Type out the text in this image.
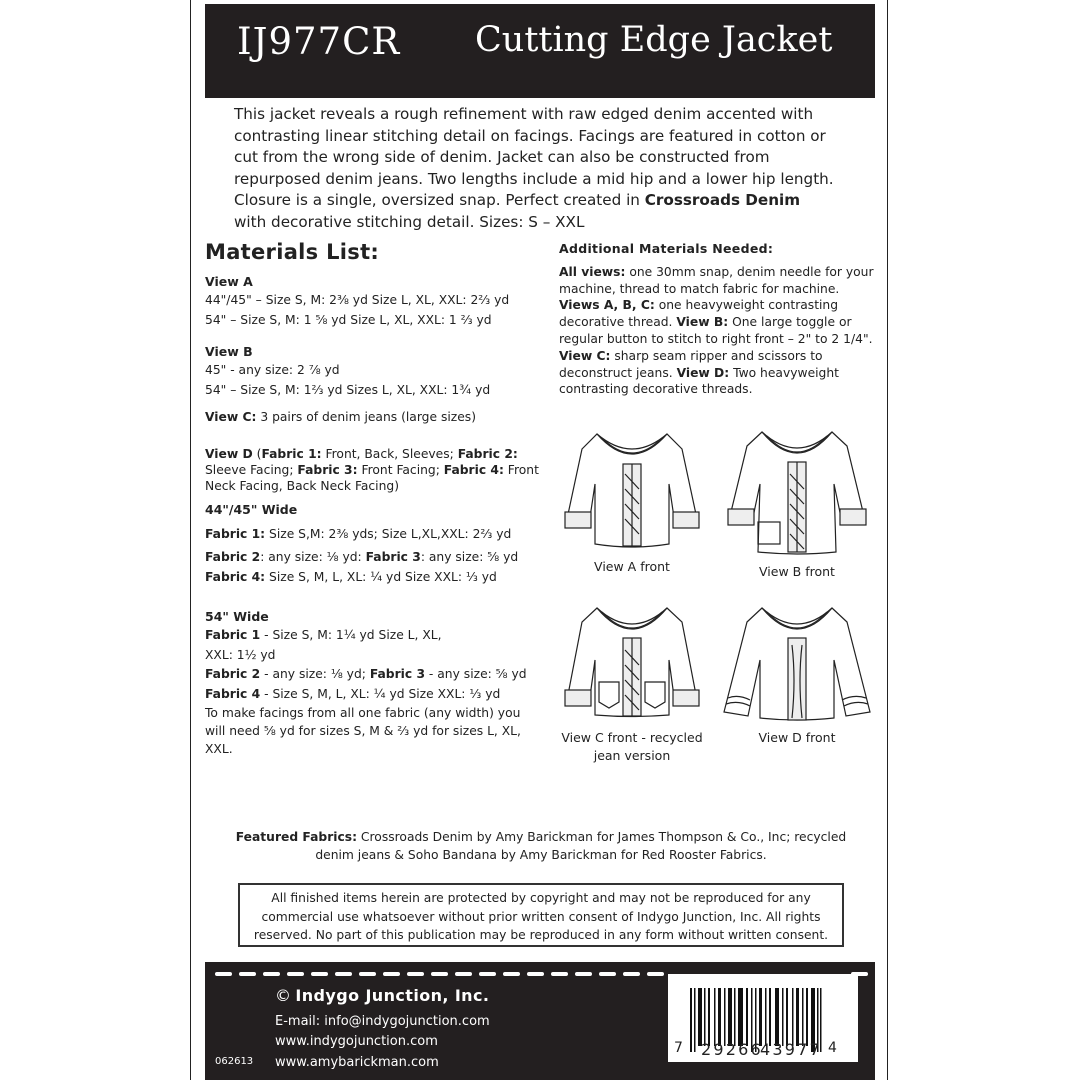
IJ977CR Cutting Edge Jacket
This jacket reveals a rough refinement with raw edged denim accented with contrasting linear stitching detail on facings. Facings are featured in cotton or cut from the wrong side of denim. Jacket can also be constructed from repurposed denim jeans. Two lengths include a mid hip and a lower hip length. Closure is a single, oversized snap. Perfect created in Crossroads Denim with decorative stitching detail. Sizes: S – XXL
Materials List:
View A
44"/45" – Size S, M: 2⅜ yd Size L, XL, XXL: 2⅔ yd
54" – Size S, M: 1 ⅝ yd Size L, XL, XXL: 1 ⅔ yd
View B
45" - any size: 2 ⅞ yd
54" – Size S, M: 1⅔ yd Sizes L, XL, XXL: 1¾ yd
View C: 3 pairs of denim jeans (large sizes)
View D (Fabric 1: Front, Back, Sleeves; Fabric 2: Sleeve Facing; Fabric 3: Front Facing; Fabric 4: Front Neck Facing, Back Neck Facing)
44"/45" Wide
Fabric 1: Size S,M: 2⅜ yds; Size L,XL,XXL: 2⅔ yd
Fabric 2: any size: ⅛ yd: Fabric 3: any size: ⅝ yd
Fabric 4: Size S, M, L, XL: ¼ yd Size XXL: ⅓ yd
54" Wide
Fabric 1 - Size S, M: 1¼ yd Size L, XL,
XXL: 1½ yd
Fabric 2 - any size: ⅛ yd; Fabric 3 - any size: ⅝ yd
Fabric 4 - Size S, M, L, XL: ¼ yd Size XXL: ⅓ yd
To make facings from all one fabric (any width) you will need ⅝ yd for sizes S, M & ⅔ yd for sizes L, XL, XXL.
Additional Materials Needed:
All views: one 30mm snap, denim needle for your machine, thread to match fabric for machine. Views A, B, C: one heavyweight contrasting decorative thread. View B: One large toggle or regular button to stitch to right front – 2" to 2 1/4". View C: sharp seam ripper and scissors to deconstruct jeans. View D: Two heavyweight contrasting decorative threads.
View A front	View B front
View C front - recycled jean version
View D front
Featured Fabrics: Crossroads Denim by Amy Barickman for James Thompson & Co., Inc; recycled denim jeans & Soho Bandana by Amy Barickman for Red Rooster Fabrics.
All finished items herein are protected by copyright and may not be reproduced for any commercial use whatsoever without prior written consent of Indygo Junction, Inc. All rights reserved. No part of this publication may be reproduced in any form without written consent.
© Indygo Junction, Inc.
E-mail: info@indygojunction.com
www.indygojunction.com
www.amybarickman.com
062613
7 29266
43977 4
